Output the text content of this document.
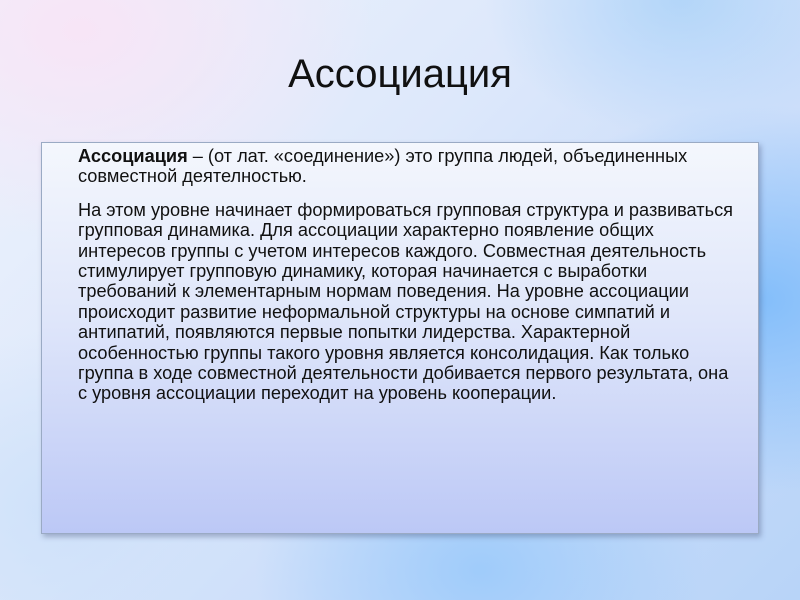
Ассоциация

Ассоциация – (от лат. «соединение») это группа людей, объединенных совместной деятелностью.

На этом уровне начинает формироваться групповая структура и развиваться групповая динамика. Для ассоциации характерно появление общих интересов группы с учетом интересов каждого. Совместная деятельность стимулирует групповую динамику, которая начинается с выработки требований к элементарным нормам поведения. На уровне ассоциации происходит развитие неформальной структуры на основе симпатий и антипатий, появляются первые попытки лидерства. Характерной особенностью группы такого уровня является консолидация. Как только группа в ходе совместной деятельности добивается первого результата, она с уровня ассоциации переходит на уровень кооперации.
